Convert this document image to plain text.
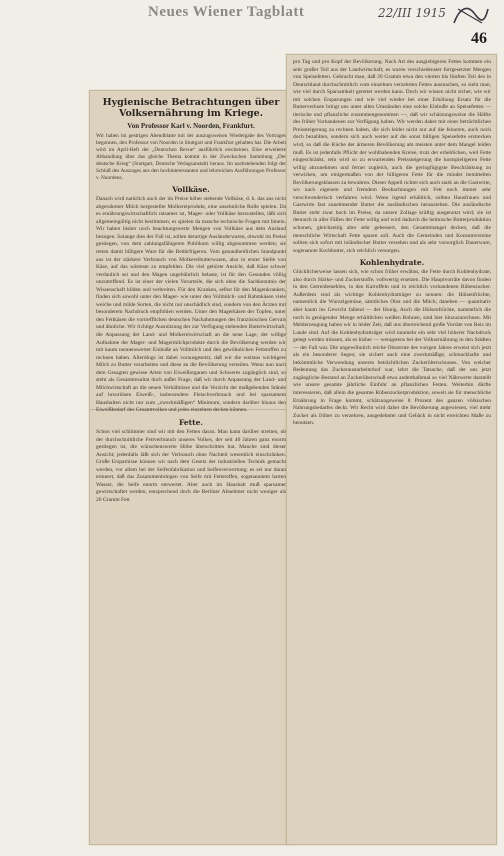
Neues Wiener Tagblatt	22/III 1915
46
Hygienische Betrachtungen über Volksernährung im Kriege.
Von Professor Karl v. Noorden, Frankfurt.

Wir haben im gestrigen Abendblatte mit der auszugsweisen Wiedergabe des Vortrages begonnen, den Professor von Noorden in Stuttgart und Frankfurt gehalten hat. Die Arbeit wird im April-Heft der „Deutschen Revue“ ausführlich erscheinen. Eine erweiterte Abhandlung über das gleiche Thema kommt in der Zweckschen Sammlung „Der deutsche Krieg“ (Stuttgart, Deutsche Verlagsanstalt) heraus. Im nachstehenden folgt der Schluß des Auszuges aus den hochinteressanten und lehrreichen Ausführungen Professor v. Noordens.

Vollkäse.

Danach wird natürlich auch der im Preise höher stehende Vollkäse, d. h. das aus nicht abgerahmter Milch hergestellte Molkereiprodukt, eine ansehnliche Rolle spielen. Da es ernährungswirtschaftlich ratsamer ist, Mager- oder Vollkäse herzustellen, läßt sich allgemeingültig nicht bestimmen; es spielen da manche technische Fragen mit hinein. Wir haben bisher noch beachtungswerte Mengen von Vollkäse aus dem Ausland bezogen. Solange dies der Fall ist, sollen derartige Ausländerwaren, obwohl im Preise gestiegen, von dem zahlungsfähigeren Publikum willig abgenommen werden; sie retten damit billigere Ware für die Bedürftigeren. Vom gesundheitlichen Standpunkt aus ist der stärkere Verbrauch von Molkereibutterwaren, also in erster Stelle von Käse, auf das wärmste zu empfehlen. Die viel gehörte Ansicht, daß Käse schwer verdaulich sei und den Magen ungebührlich belaste, ist für den Gesunden völlig unzutreffend. Es ist einer der vielen Vorurteile, die sich ohne die Sachkenntnis der Wissenschaft bilden und verbreiten. Für den Kranken, selbst für den Magenkranken, finden sich sowohl unter den Mager- wie unter den Vollmilch- und Rahmkäsen viele weiche und milde Sorten, die nicht nur unschädlich sind, sondern von den Ärzten mit besonderem Nachdruck empfohlen werden. Unter den Magerkäsen der Topfen, unter den Fettkäsen die vortrefflichen deutschen Nachahmungen des französischen Gervais und ähnliche. Wir richtige Ausnützung der zur Verfügung stehenden Butterwirtschaft, die Anpassung der Land- und Molkereiwirtschaft an die neue Lage, der willige Aufnahme der Mager- und Magermilchprodukte durch die Bevölkerung werden wir mit kaum nennenswerter Einbuße an Vollmilch und den gewöhnlichen Fettstoffen zu rechnen haben. Allerdings ist dabei vorausgesetzt, daß wir die weitaus wichtigere Milch zu Butter verarbeiten und diese an die Bevölkerung verteilen. Wenn nun nach dem Gesagten gewisse Arten von Eiweißorganen und Schweres zugänglich sind, so steht als Gesamtresultat doch außer Frage, daß wir durch Anpassung der Land- und Milchwirtschaft an die neuen Verhältnisse und die Verzicht der maßgebenden Stände auf luxuriösen Eiweiß-, insbesondere Fleischverbrauch und bei sparsamem Haushalten nicht nur zum „zweckmäßigen“ Minimum, sondern darüber hinaus den Eiweißbedarf des Gesamtvolkes und jedes einzelnen decken können.

Fette.

Schon viel schlimmer sind wir mit den Fetten daran. Man kann darüber streiten, ob der durchschnittliche Fettverbrauch unseres Volkes, der seit 40 Jahren ganz enorm gestiegen ist, die wünschenswerte Höhe überschritten hat. Manche sind dieser Ansicht; jedenfalls läßt sich der Verbrauch ohne Nachteil wesentlich einschränken. Große Ersparnisse können wir nach dem Gesetz der industriellen Technik gemacht werden, vor allem bei der Seifenfabrikation und Seifenverwertung; es sei nur daran erinnert, daß das Zusammenbringen von Seife mit Fettstoffen, sogenanntem harten Wasser, die Seife enorm entwertet. Aber auch im Haushalt muß sparsamer gewirtschaftet werden, entsprechend doch die Berliner Abnehmer nicht weniger als 20 Gramm Fett

pro Tag und pro Kopf der Bevölkerung. Nach Art des ausgiebigeren Fettes kommen ein sehr großer Teil aus der Landwirtschaft; es waren verschiedenster fortgesetzter Mengen von Speisefetten. Gebracht man, daß 20 Gramm etwa den vierten bis fünften Teil des in Deutschland durchschnittlich vom einzelnen verzehrten Fettes ausmachen, so sieht man, wie viel durch Sparsamkeit gerettet werden kann. Doch wir wissen nicht sicher, wie wir mit solchen Ersparungen und wie viel wieder bei einer Erhöhung Ersatz für die Butterverluste bringt uns unter allen Umständen eine solche Einbuße an Speisefetten — tierische und pflanzliche zusammengenommen —, daß wir schätzungsweise die Hälfte des früher Vorhandenen zur Verfügung haben. Wir werden daher mit einer beträchtlichen Preissteigerung zu rechnen haben, die sich leider nicht nur auf die feineren, auch noch doch bezahlten, sondern sich auch weiter auf die sonst billigen Speisefette erstrecken wird, so daß die Küche der ärmeren Bevölkerung am meisten unter dem Mangel leiden muß. Es ist jedenfalls Pflicht der wohlhabenden Kreise, trotz der erheblichen, weil Fette eingeschränkt, rein wird so zu erwartenden Preissteigerung die kostspieligeren Fette willig abzunehmen und ferner zugleich, auch die geringfügigste Beschränkung zu verwirken, um einigermaßen von der billigeren Fette für die minder bemittelten Bevölkerungsklassen zu bewahren. Dieser Appell richtet sich auch stark an die Gastwirte, wo nach eigenem und fremdem Beobachtungen mit Fett noch immer sehr verschwenderisch verfahren wird. Wenn irgend erhältlich, sollten Hausfrauen und Gastwirte fast zunehmender Butter die ausländischen heranziehen. Die ausländische Butter steht zwar hoch im Preise, da unsere Zollage kräftig ausgenutzt wird; sie ist dennoch in aller Fällen der Fette willig und wird dadurch die heimische Butterproduktion schonen, gleichzeitig aber sehr gebessert, den Gesamtmangel decken, daß die menschliche Wirtschaft Fette sparen soll. Auch die Gemeinden und Konsumvereine sollten sich sofort mit inländischer Butter versehen und als sehr vorsorglich Dauerware, sogenannte Kochbutter, sich reichlich versorgen.

Kohlenhydrate.

Glücklicherweise lassen sich, wie schon früher erwähnt, die Fette durch Kohlenhydrate, also durch Stärke- und Zuckerstoffe, vollwertig ersetzen. Die Hauptvorräte davon finden in den Getreidemehlen, in den Kartoffeln und in reichlich vorhandenen Rübenzucker. Außerdem sind als wichtige Kohlenhydratträger zu nennen: die Hülsenfrüchte, namentlich die Wurzelgemüse, sämtliches Obst und die Milch; daneben — quantitativ aber kaum ins Gewicht fallend — der Honig. Auch die Hülsenfrüchte, namentlich die noch in genügender Menge erhältlichen weißen Bohnen, sind hier hinzuzurechnen. Mit Mehlerzeugung haben wir in leider Zeit, daß uns überreichend große Vorräte von Reis im Lande sind. Auf die Kohlenhydratträger wird nunmehr ein sehr viel höherer Nachdruck gelegt werden müssen, als es bisher — wenigstens bei der Volksernährung in den Städten — der Fall war. Die ungewöhnlich reiche Obsternte des vorigen Jahres erweist sich jetzt als ein besonderer Segen; sie sichert auch eine zweckmäßige, schmackhafte und bekömmliche Verwendung unseres beträchtlichen Zuckerüberschusses. Von welcher Bedeutung das Zuckeraustarbeiterhof war, lehrt die Tatsache, daß der uns jetzt zugängliche Bestand an Zuckerüberschuß etwa anderthalbmal so viel Nährwerte darstellt wie unsere gesamte jährliche Einfuhr an pflanzlichen Fetten. Weiterhin dürfte interessieren, daß allein die gesamte Rübenzuckerproduktion, soweit sie für menschliche Ernährung in Frage kommt, schätzungsweise 8 Prozent des ganzen völkischen Nahrungsbedarfes deckt. Wir Recht wird daher die Bevölkerung angewiesen, viel mehr Zucker als früher zu verzehren, ausgedehnter und Gebäck in nicht erreichten Maße zu benutzen.
